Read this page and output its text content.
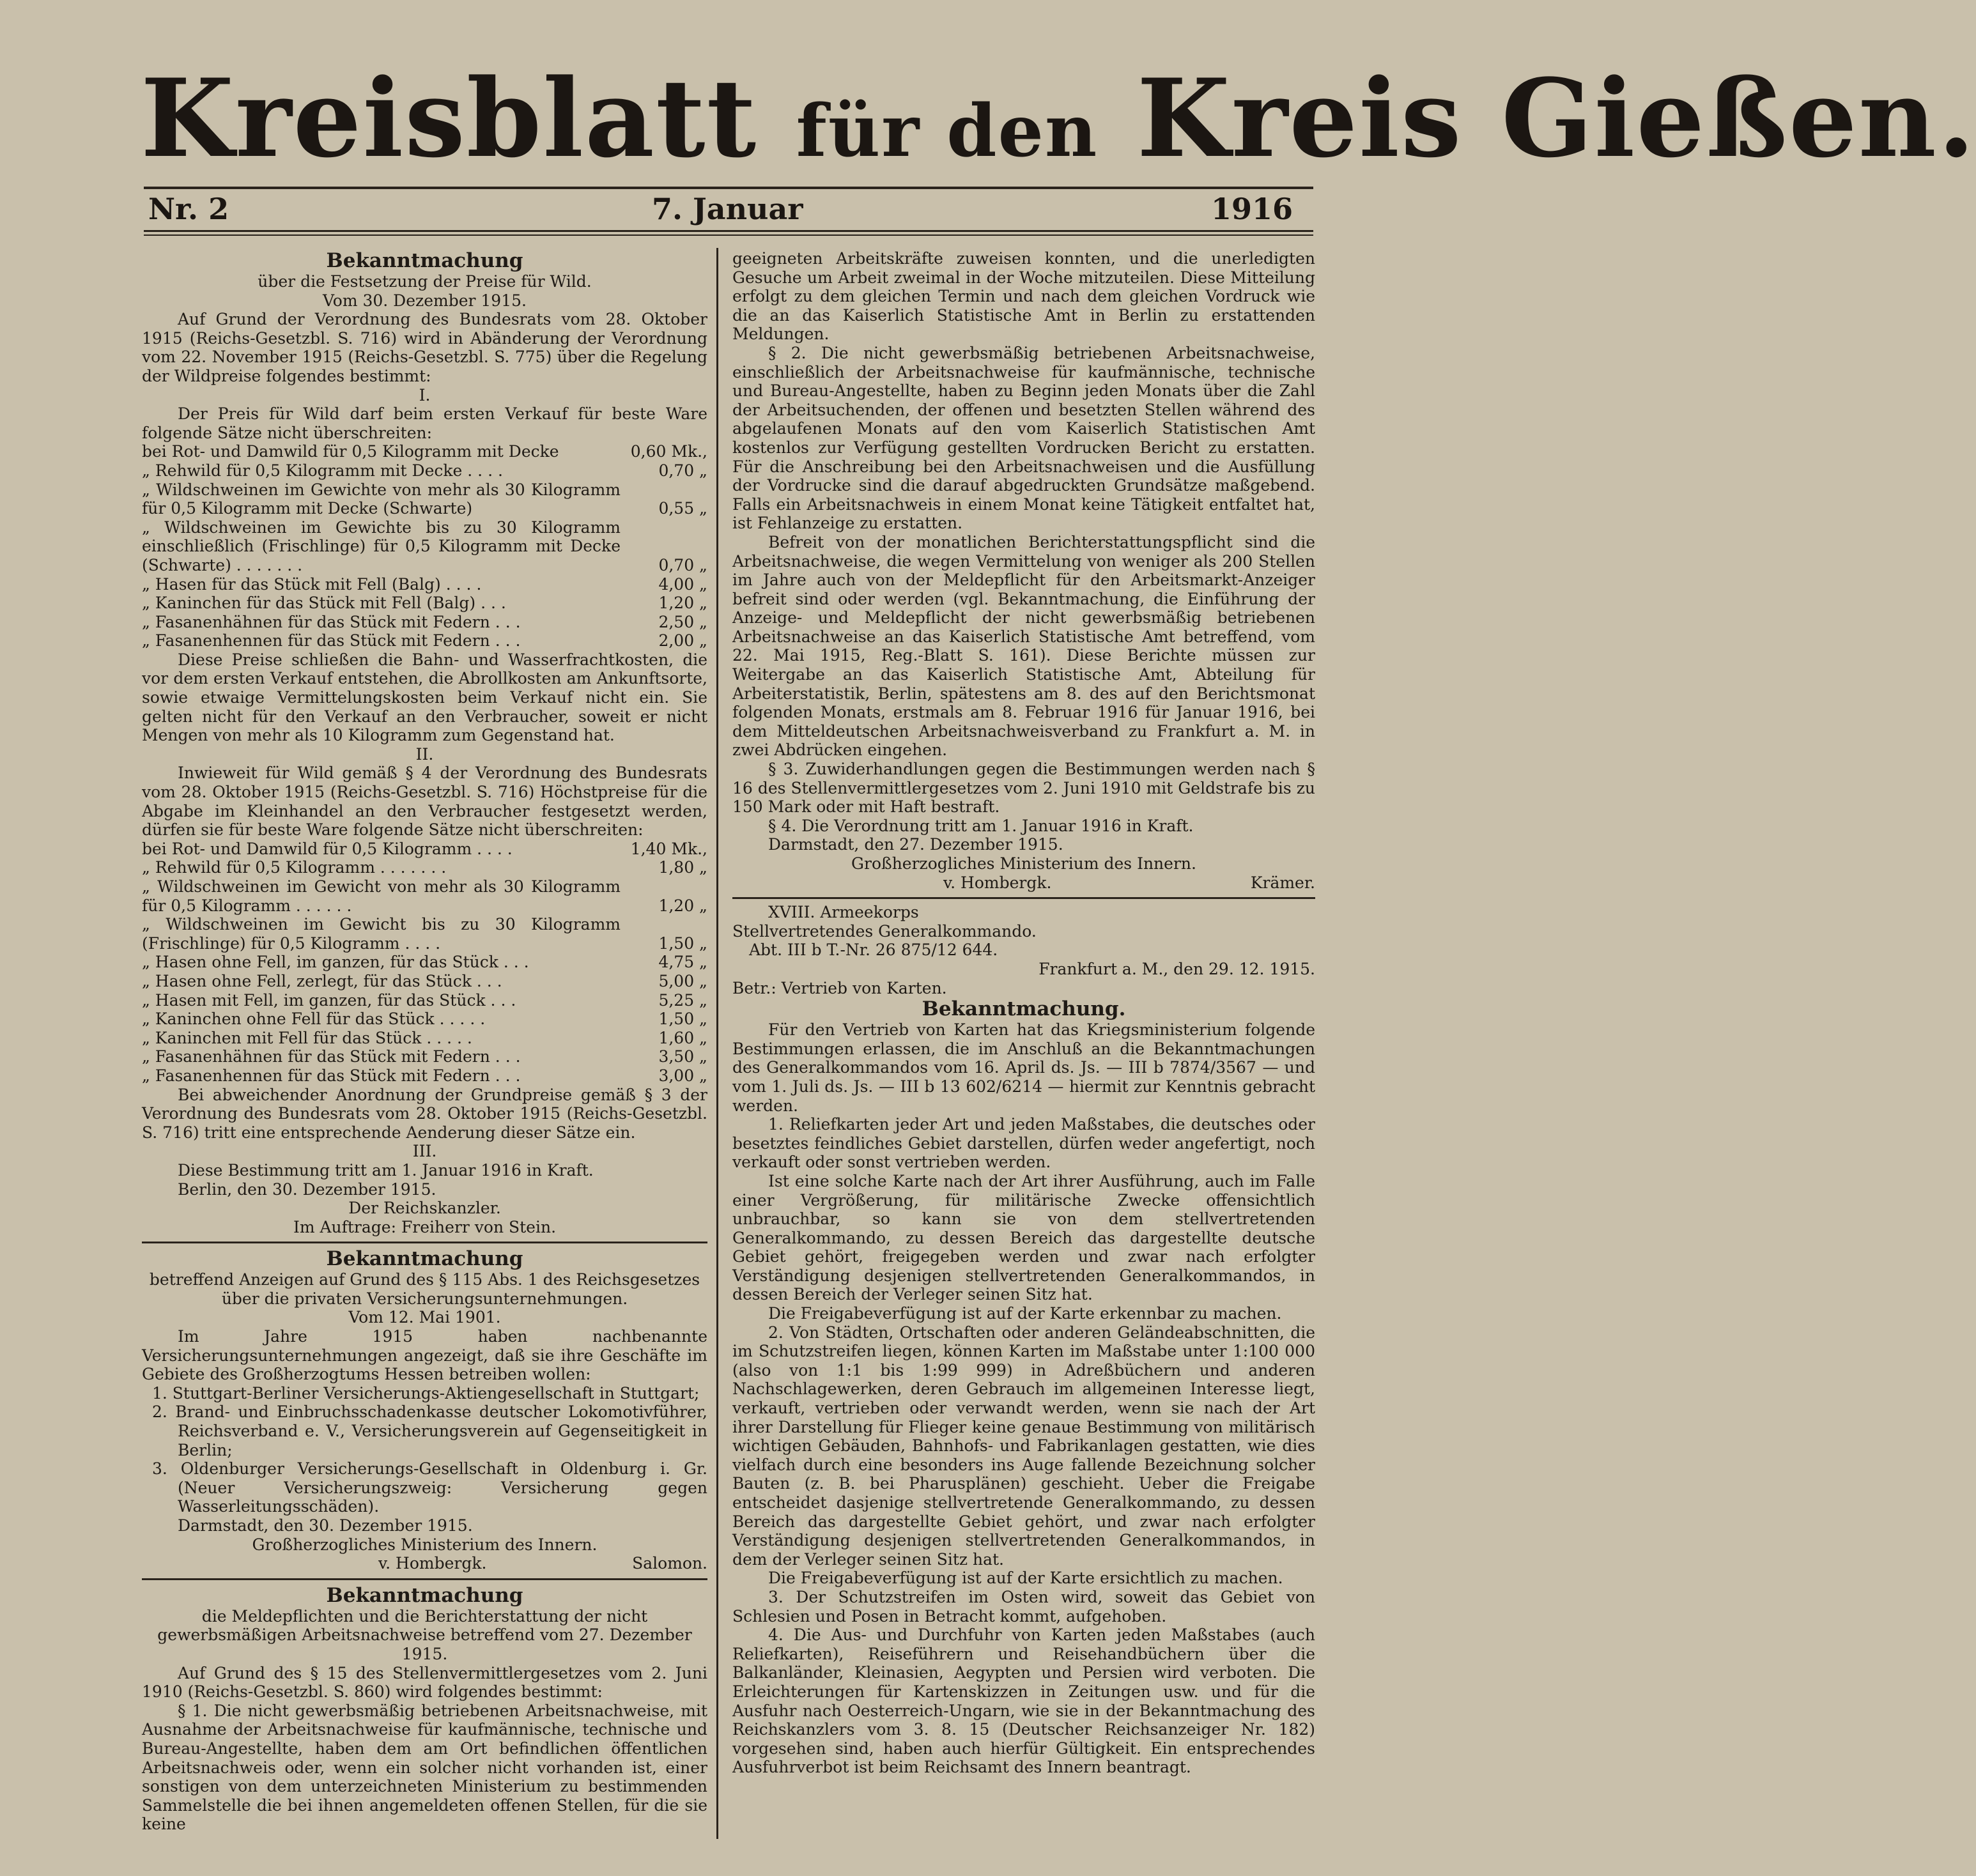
Kreisblatt für den Kreis Gießen.
Nr. 2	7. Januar	1916

Bekanntmachung

über die Festsetzung der Preise für Wild.

Vom 30. Dezember 1915.

Auf Grund der Verordnung des Bundesrats vom 28. Oktober 1915 (Reichs-Gesetzbl. S. 716) wird in Abänderung der Verordnung vom 22. November 1915 (Reichs-Gesetzbl. S. 775) über die Regelung der Wildpreise folgendes bestimmt:

I.

Der Preis für Wild darf beim ersten Verkauf für beste Ware folgende Sätze nicht überschreiten:

bei Rot- und Damwild für 0,5 Kilogramm mit Decke	0,60 Mk.,
„ Rehwild für 0,5 Kilogramm mit Decke . . . .	0,70 „
„ Wildschweinen im Gewichte von mehr als 30 Kilogramm für 0,5 Kilogramm mit Decke (Schwarte)	0,55 „
„ Wildschweinen im Gewichte bis zu 30 Kilogramm einschließlich (Frischlinge) für 0,5 Kilogramm mit Decke (Schwarte) . . . . . . .	0,70 „
„ Hasen für das Stück mit Fell (Balg) . . . .	4,00 „
„ Kaninchen für das Stück mit Fell (Balg) . . .	1,20 „
„ Fasanenhähnen für das Stück mit Federn . . .	2,50 „
„ Fasanenhennen für das Stück mit Federn . . .	2,00 „

Diese Preise schließen die Bahn- und Wasserfrachtkosten, die vor dem ersten Verkauf entstehen, die Abrollkosten am Ankunftsorte, sowie etwaige Vermittelungskosten beim Verkauf nicht ein. Sie gelten nicht für den Verkauf an den Verbraucher, soweit er nicht Mengen von mehr als 10 Kilogramm zum Gegenstand hat.

II.

Inwieweit für Wild gemäß § 4 der Verordnung des Bundesrats vom 28. Oktober 1915 (Reichs-Gesetzbl. S. 716) Höchstpreise für die Abgabe im Kleinhandel an den Verbraucher festgesetzt werden, dürfen sie für beste Ware folgende Sätze nicht überschreiten:

bei Rot- und Damwild für 0,5 Kilogramm . . . .	1,40 Mk.,
„ Rehwild für 0,5 Kilogramm . . . . . . .	1,80 „
„ Wildschweinen im Gewicht von mehr als 30 Kilogramm für 0,5 Kilogramm . . . . . .	1,20 „
„ Wildschweinen im Gewicht bis zu 30 Kilogramm (Frischlinge) für 0,5 Kilogramm . . . .	1,50 „
„ Hasen ohne Fell, im ganzen, für das Stück . . .	4,75 „
„ Hasen ohne Fell, zerlegt, für das Stück . . .	5,00 „
„ Hasen mit Fell, im ganzen, für das Stück . . .	5,25 „
„ Kaninchen ohne Fell für das Stück . . . . .	1,50 „
„ Kaninchen mit Fell für das Stück . . . . .	1,60 „
„ Fasanenhähnen für das Stück mit Federn . . .	3,50 „
„ Fasanenhennen für das Stück mit Federn . . .	3,00 „

Bei abweichender Anordnung der Grundpreise gemäß § 3 der Verordnung des Bundesrats vom 28. Oktober 1915 (Reichs-Gesetzbl. S. 716) tritt eine entsprechende Aenderung dieser Sätze ein.

III.

Diese Bestimmung tritt am 1. Januar 1916 in Kraft.

Berlin, den 30. Dezember 1915.

Der Reichskanzler.

Im Auftrage: Freiherr von Stein.

Bekanntmachung

betreffend Anzeigen auf Grund des § 115 Abs. 1 des Reichsgesetzes über die privaten Versicherungsunternehmungen.

Vom 12. Mai 1901.

Im Jahre 1915 haben nachbenannte Versicherungsunternehmungen angezeigt, daß sie ihre Geschäfte im Gebiete des Großherzogtums Hessen betreiben wollen:

1. Stuttgart-Berliner Versicherungs-Aktiengesellschaft in Stuttgart;

2. Brand- und Einbruchsschadenkasse deutscher Lokomotivführer, Reichsverband e. V., Versicherungsverein auf Gegenseitigkeit in Berlin;

3. Oldenburger Versicherungs-Gesellschaft in Oldenburg i. Gr. (Neuer Versicherungszweig: Versicherung gegen Wasserleitungsschäden).

Darmstadt, den 30. Dezember 1915.

Großherzogliches Ministerium des Innern.

v. Hombergk.	Salomon.

Bekanntmachung

die Meldepflichten und die Berichterstattung der nicht gewerbsmäßigen Arbeitsnachweise betreffend vom 27. Dezember 1915.

Auf Grund des § 15 des Stellenvermittlergesetzes vom 2. Juni 1910 (Reichs-Gesetzbl. S. 860) wird folgendes bestimmt:

§ 1. Die nicht gewerbsmäßig betriebenen Arbeitsnachweise, mit Ausnahme der Arbeitsnachweise für kaufmännische, technische und Bureau-Angestellte, haben dem am Ort befindlichen öffentlichen Arbeitsnachweis oder, wenn ein solcher nicht vorhanden ist, einer sonstigen von dem unterzeichneten Ministerium zu bestimmenden Sammelstelle die bei ihnen angemeldeten offenen Stellen, für die sie keine

geeigneten Arbeitskräfte zuweisen konnten, und die unerledigten Gesuche um Arbeit zweimal in der Woche mitzuteilen. Diese Mitteilung erfolgt zu dem gleichen Termin und nach dem gleichen Vordruck wie die an das Kaiserlich Statistische Amt in Berlin zu erstattenden Meldungen.

§ 2. Die nicht gewerbsmäßig betriebenen Arbeitsnachweise, einschließlich der Arbeitsnachweise für kaufmännische, technische und Bureau-Angestellte, haben zu Beginn jeden Monats über die Zahl der Arbeitsuchenden, der offenen und besetzten Stellen während des abgelaufenen Monats auf den vom Kaiserlich Statistischen Amt kostenlos zur Verfügung gestellten Vordrucken Bericht zu erstatten. Für die Anschreibung bei den Arbeitsnachweisen und die Ausfüllung der Vordrucke sind die darauf abgedruckten Grundsätze maßgebend. Falls ein Arbeitsnachweis in einem Monat keine Tätigkeit entfaltet hat, ist Fehlanzeige zu erstatten.

Befreit von der monatlichen Berichterstattungspflicht sind die Arbeitsnachweise, die wegen Vermittelung von weniger als 200 Stellen im Jahre auch von der Meldepflicht für den Arbeitsmarkt-Anzeiger befreit sind oder werden (vgl. Bekanntmachung, die Einführung der Anzeige- und Meldepflicht der nicht gewerbsmäßig betriebenen Arbeitsnachweise an das Kaiserlich Statistische Amt betreffend, vom 22. Mai 1915, Reg.-Blatt S. 161). Diese Berichte müssen zur Weitergabe an das Kaiserlich Statistische Amt, Abteilung für Arbeiterstatistik, Berlin, spätestens am 8. des auf den Berichtsmonat folgenden Monats, erstmals am 8. Februar 1916 für Januar 1916, bei dem Mitteldeutschen Arbeitsnachweisverband zu Frankfurt a. M. in zwei Abdrücken eingehen.

§ 3. Zuwiderhandlungen gegen die Bestimmungen werden nach § 16 des Stellenvermittlergesetzes vom 2. Juni 1910 mit Geldstrafe bis zu 150 Mark oder mit Haft bestraft.

§ 4. Die Verordnung tritt am 1. Januar 1916 in Kraft.

Darmstadt, den 27. Dezember 1915.

Großherzogliches Ministerium des Innern.

v. Hombergk.	Krämer.

XVIII. Armeekorps

Stellvertretendes Generalkommando.

Abt. III b T.-Nr. 26 875/12 644.

Frankfurt a. M., den 29. 12. 1915.

Betr.: Vertrieb von Karten.

Bekanntmachung.

Für den Vertrieb von Karten hat das Kriegsministerium folgende Bestimmungen erlassen, die im Anschluß an die Bekanntmachungen des Generalkommandos vom 16. April ds. Js. — III b 7874/3567 — und vom 1. Juli ds. Js. — III b 13 602/6214 — hiermit zur Kenntnis gebracht werden.

1. Reliefkarten jeder Art und jeden Maßstabes, die deutsches oder besetztes feindliches Gebiet darstellen, dürfen weder angefertigt, noch verkauft oder sonst vertrieben werden.

Ist eine solche Karte nach der Art ihrer Ausführung, auch im Falle einer Vergrößerung, für militärische Zwecke offensichtlich unbrauchbar, so kann sie von dem stellvertretenden Generalkommando, zu dessen Bereich das dargestellte deutsche Gebiet gehört, freigegeben werden und zwar nach erfolgter Verständigung desjenigen stellvertretenden Generalkommandos, in dessen Bereich der Verleger seinen Sitz hat.

Die Freigabeverfügung ist auf der Karte erkennbar zu machen.

2. Von Städten, Ortschaften oder anderen Geländeabschnitten, die im Schutzstreifen liegen, können Karten im Maßstabe unter 1:100 000 (also von 1:1 bis 1:99 999) in Adreßbüchern und anderen Nachschlagewerken, deren Gebrauch im allgemeinen Interesse liegt, verkauft, vertrieben oder verwandt werden, wenn sie nach der Art ihrer Darstellung für Flieger keine genaue Bestimmung von militärisch wichtigen Gebäuden, Bahnhofs- und Fabrikanlagen gestatten, wie dies vielfach durch eine besonders ins Auge fallende Bezeichnung solcher Bauten (z. B. bei Pharusplänen) geschieht. Ueber die Freigabe entscheidet dasjenige stellvertretende Generalkommando, zu dessen Bereich das dargestellte Gebiet gehört, und zwar nach erfolgter Verständigung desjenigen stellvertretenden Generalkommandos, in dem der Verleger seinen Sitz hat.

Die Freigabeverfügung ist auf der Karte ersichtlich zu machen.

3. Der Schutzstreifen im Osten wird, soweit das Gebiet von Schlesien und Posen in Betracht kommt, aufgehoben.

4. Die Aus- und Durchfuhr von Karten jeden Maßstabes (auch Reliefkarten), Reiseführern und Reisehandbüchern über die Balkanländer, Kleinasien, Aegypten und Persien wird verboten. Die Erleichterungen für Kartenskizzen in Zeitungen usw. und für die Ausfuhr nach Oesterreich-Ungarn, wie sie in der Bekanntmachung des Reichskanzlers vom 3. 8. 15 (Deutscher Reichsanzeiger Nr. 182) vorgesehen sind, haben auch hierfür Gültigkeit. Ein entsprechendes Ausfuhrverbot ist beim Reichsamt des Innern beantragt.
